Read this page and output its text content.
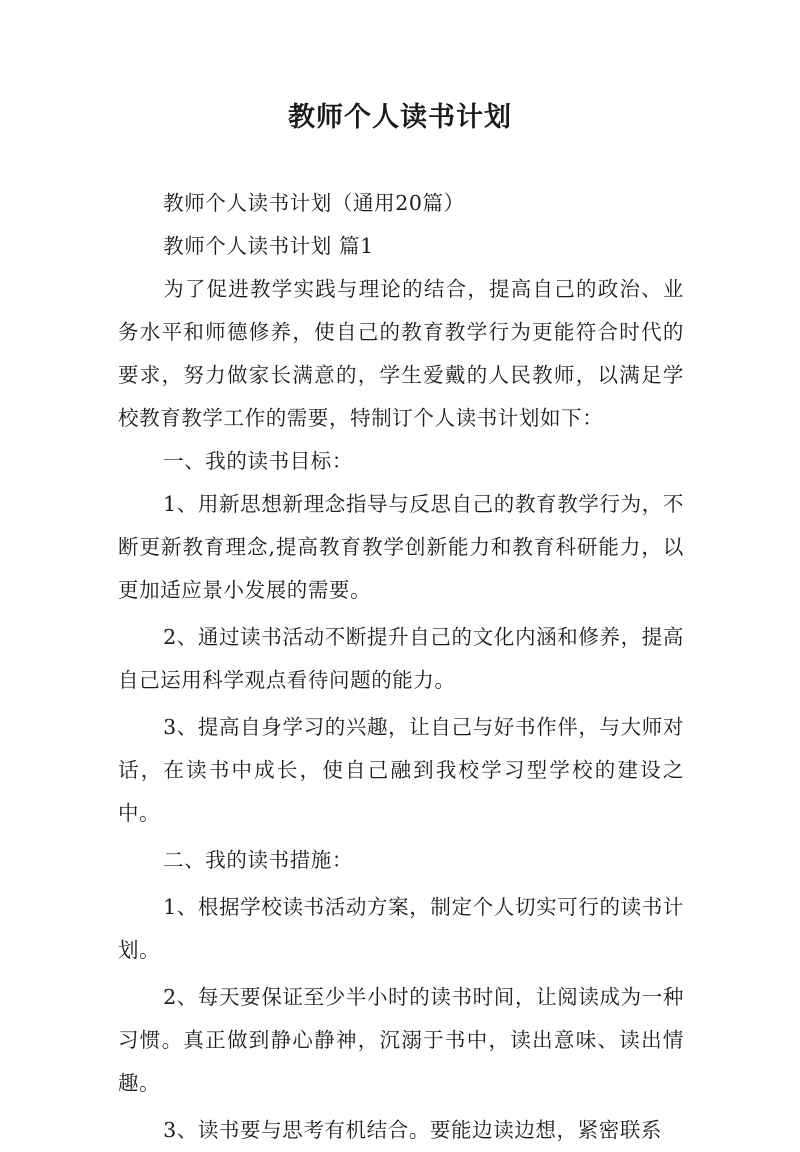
教师个人读书计划

教师个人读书计划（通用20篇）

教师个人读书计划 篇1

为了促进教学实践与理论的结合，提高自己的政治、业务水平和师德修养，使自己的教育教学行为更能符合时代的要求，努力做家长满意的，学生爱戴的人民教师，以满足学校教育教学工作的需要，特制订个人读书计划如下：

一、我的读书目标：

1、用新思想新理念指导与反思自己的教育教学行为，不断更新教育理念,提高教育教学创新能力和教育科研能力，以更加适应景小发展的需要。

2、通过读书活动不断提升自己的文化内涵和修养，提高自己运用科学观点看待问题的能力。

3、提高自身学习的兴趣，让自己与好书作伴，与大师对话，在读书中成长，使自己融到我校学习型学校的建设之中。

二、我的读书措施：

1、根据学校读书活动方案，制定个人切实可行的读书计划。

2、每天要保证至少半小时的读书时间，让阅读成为一种习惯。真正做到静心静神，沉溺于书中，读出意味、读出情趣。

3、读书要与思考有机结合。要能边读边想，紧密联系
